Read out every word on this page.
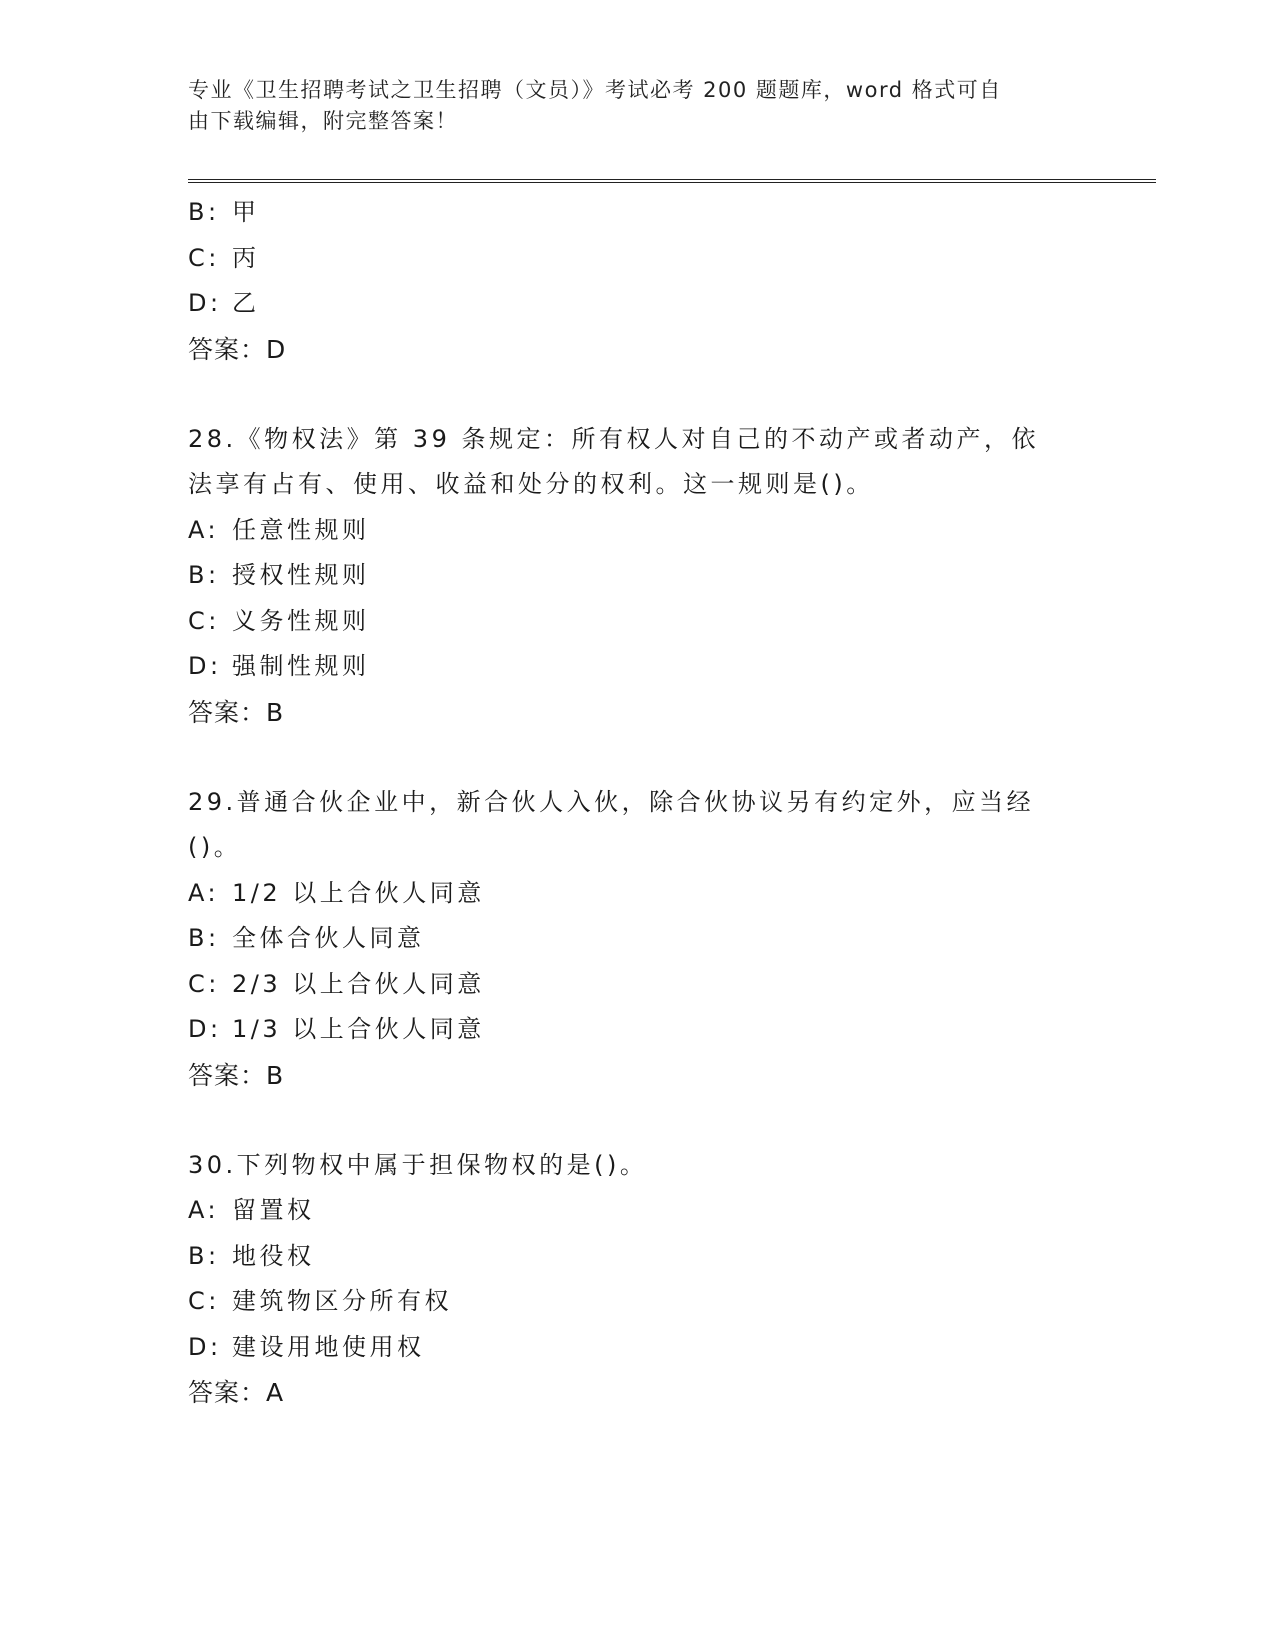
专业《卫生招聘考试之卫生招聘（文员）》考试必考 200 题题库，word 格式可自
由下载编辑，附完整答案！
B: 甲
C: 丙
D: 乙
答案：D
28.《物权法》第 39 条规定：所有权人对自己的不动产或者动产，依
法享有占有、使用、收益和处分的权利。这一规则是()。
A: 任意性规则
B: 授权性规则
C: 义务性规则
D: 强制性规则
答案：B
29.普通合伙企业中，新合伙人入伙，除合伙协议另有约定外，应当经
()。
A: 1/2 以上合伙人同意
B: 全体合伙人同意
C: 2/3 以上合伙人同意
D: 1/3 以上合伙人同意
答案：B
30.下列物权中属于担保物权的是()。
A: 留置权
B: 地役权
C: 建筑物区分所有权
D: 建设用地使用权
答案：A
